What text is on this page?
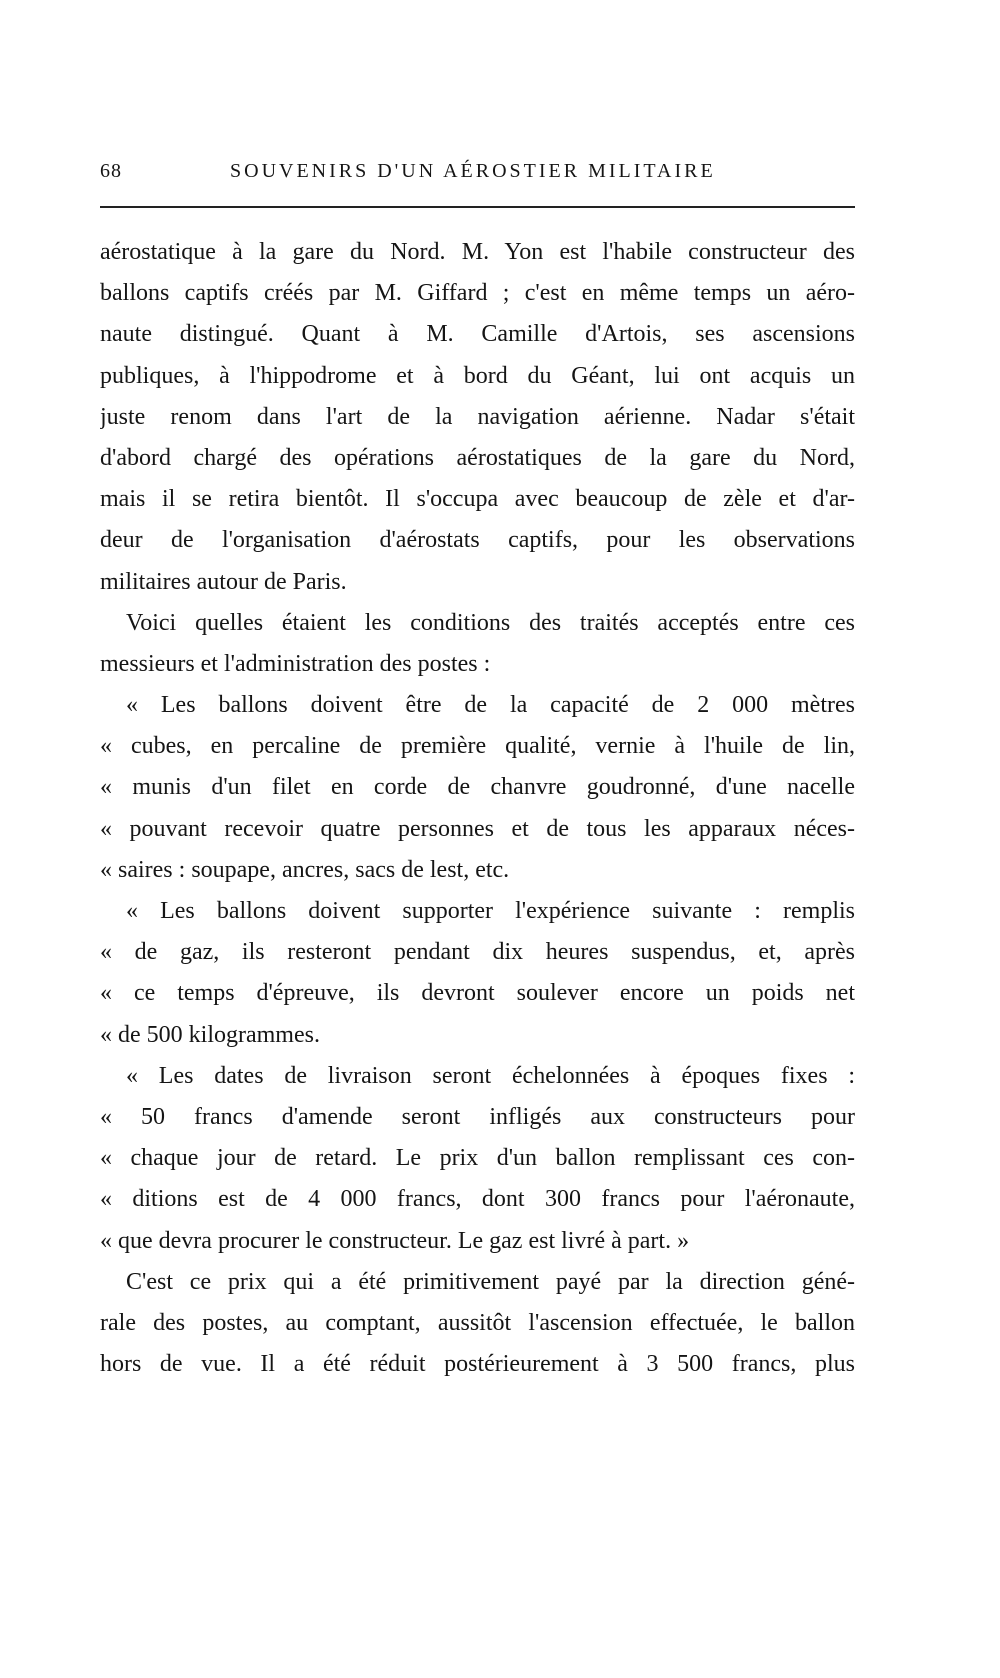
68	SOUVENIRS D'UN AÉROSTIER MILITAIRE
aérostatique à la gare du Nord. M. Yon est l'habile constructeur des
ballons captifs créés par M. Giffard ; c'est en même temps un aéro-
naute distingué. Quant à M. Camille d'Artois, ses ascensions
publiques, à l'hippodrome et à bord du Géant, lui ont acquis un
juste renom dans l'art de la navigation aérienne. Nadar s'était
d'abord chargé des opérations aérostatiques de la gare du Nord,
mais il se retira bientôt. Il s'occupa avec beaucoup de zèle et d'ar-
deur de l'organisation d'aérostats captifs, pour les observations
militaires autour de Paris.
Voici quelles étaient les conditions des traités acceptés entre ces
messieurs et l'administration des postes :
« Les ballons doivent être de la capacité de 2 000 mètres
« cubes, en percaline de première qualité, vernie à l'huile de lin,
« munis d'un filet en corde de chanvre goudronné, d'une nacelle
« pouvant recevoir quatre personnes et de tous les apparaux néces-
« saires : soupape, ancres, sacs de lest, etc.
« Les ballons doivent supporter l'expérience suivante : remplis
« de gaz, ils resteront pendant dix heures suspendus, et, après
« ce temps d'épreuve, ils devront soulever encore un poids net
« de 500 kilogrammes.
« Les dates de livraison seront échelonnées à époques fixes :
« 50 francs d'amende seront infligés aux constructeurs pour
« chaque jour de retard. Le prix d'un ballon remplissant ces con-
« ditions est de 4 000 francs, dont 300 francs pour l'aéronaute,
« que devra procurer le constructeur. Le gaz est livré à part. »
C'est ce prix qui a été primitivement payé par la direction géné-
rale des postes, au comptant, aussitôt l'ascension effectuée, le ballon
hors de vue. Il a été réduit postérieurement à 3 500 francs, plus
